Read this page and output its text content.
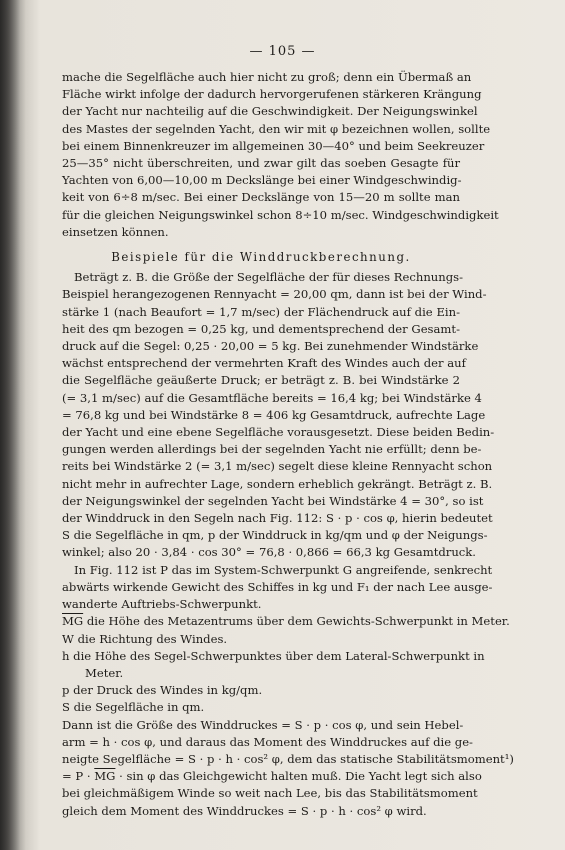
— 105 —
mache die Segelfläche auch hier nicht zu groß; denn ein Übermaß an
Fläche wirkt infolge der dadurch hervorgerufenen stärkeren Krängung
der Yacht nur nachteilig auf die Geschwindigkeit. Der Neigungswinkel
des Mastes der segelnden Yacht, den wir mit φ bezeichnen wollen, sollte
bei einem Binnenkreuzer im allgemeinen 30—40° und beim Seekreuzer
25—35° nicht überschreiten, und zwar gilt das soeben Gesagte für
Yachten von 6,00—10,00 m Deckslänge bei einer Windgeschwindig-
keit von 6÷8 m/sec. Bei einer Deckslänge von 15—20 m sollte man
für die gleichen Neigungswinkel schon 8÷10 m/sec. Windgeschwindigkeit
einsetzen können.
Beispiele für die Winddruckberechnung.
Beträgt z. B. die Größe der Segelfläche der für dieses Rechnungs-
Beispiel herangezogenen Rennyacht = 20,00 qm, dann ist bei der Wind-
stärke 1 (nach Beaufort = 1,7 m/sec) der Flächendruck auf die Ein-
heit des qm bezogen = 0,25 kg, und dementsprechend der Gesamt-
druck auf die Segel: 0,25 · 20,00 = 5 kg. Bei zunehmender Windstärke
wächst entsprechend der vermehrten Kraft des Windes auch der auf
die Segelfläche geäußerte Druck; er beträgt z. B. bei Windstärke 2
(= 3,1 m/sec) auf die Gesamtfläche bereits = 16,4 kg; bei Windstärke 4
= 76,8 kg und bei Windstärke 8 = 406 kg Gesamtdruck, aufrechte Lage
der Yacht und eine ebene Segelfläche vorausgesetzt. Diese beiden Bedin-
gungen werden allerdings bei der segelnden Yacht nie erfüllt; denn be-
reits bei Windstärke 2 (= 3,1 m/sec) segelt diese kleine Rennyacht schon
nicht mehr in aufrechter Lage, sondern erheblich gekrängt. Beträgt z. B.
der Neigungswinkel der segelnden Yacht bei Windstärke 4 = 30°, so ist
der Winddruck in den Segeln nach Fig. 112: S · p · cos φ, hierin bedeutet
S die Segelfläche in qm, p der Winddruck in kg/qm und φ der Neigungs-
winkel; also 20 · 3,84 · cos 30° = 76,8 · 0,866 = 66,3 kg Gesamtdruck.
In Fig. 112 ist P das im System-Schwerpunkt G angreifende, senkrecht
abwärts wirkende Gewicht des Schiffes in kg und F₁ der nach Lee ausge-
wanderte Auftriebs-Schwerpunkt.
$\overline{MG}$ die Höhe des Metazentrums über dem Gewichts-Schwerpunkt in Meter.
W die Richtung des Windes.
h die Höhe des Segel-Schwerpunktes über dem Lateral-Schwerpunkt in
Meter.
p der Druck des Windes in kg/qm.
S die Segelfläche in qm.
Dann ist die Größe des Winddruckes = S · p · cos φ, und sein Hebel-
arm = h · cos φ, und daraus das Moment des Winddruckes auf die ge-
neigte Segelfläche = S · p · h · cos² φ, dem das statische Stabilitätsmoment¹)
= $P \cdot \overline{MG} \cdot \sin \varphi$ das Gleichgewicht halten muß. Die Yacht legt sich also
bei gleichmäßigem Winde so weit nach Lee, bis das Stabilitätsmoment
gleich dem Moment des Winddruckes = S · p · h · cos² φ wird.
